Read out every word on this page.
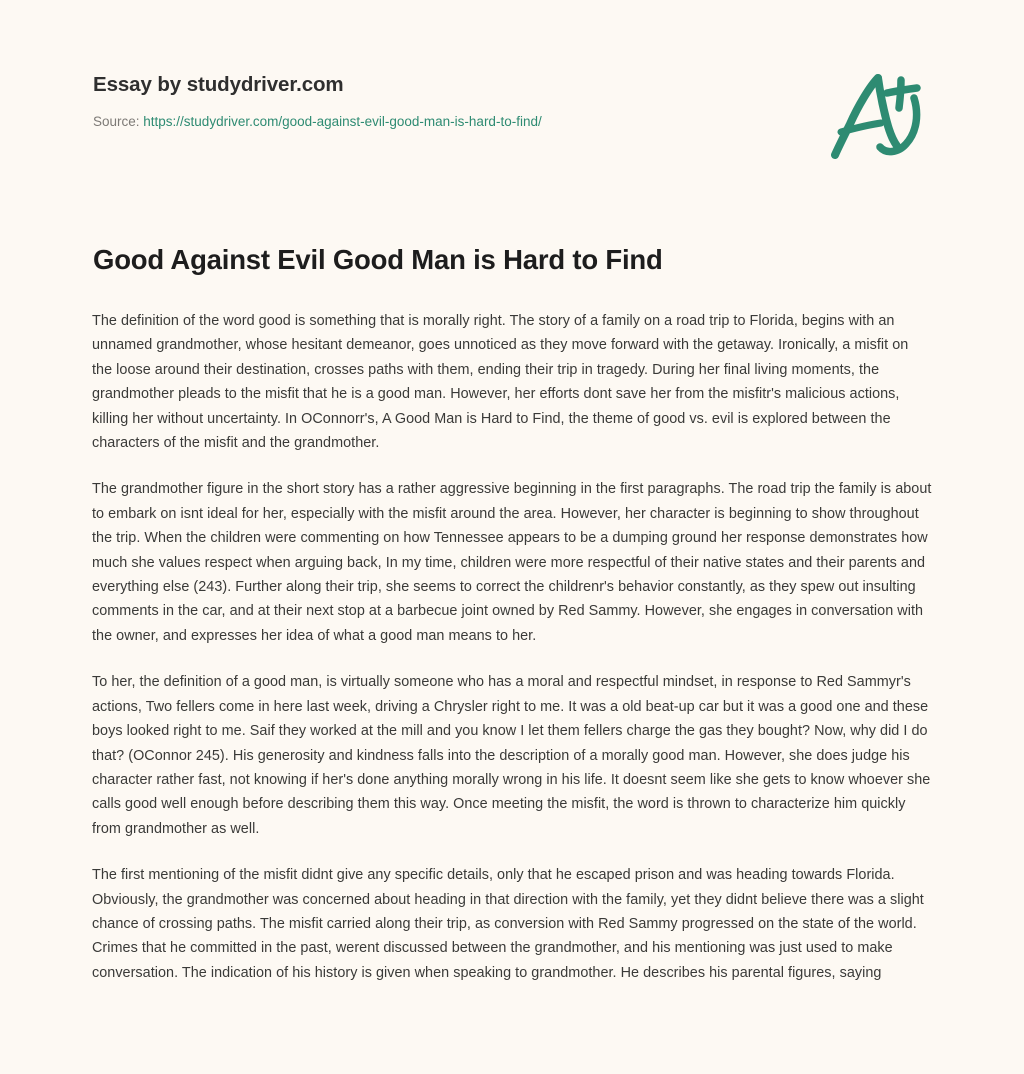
Essay by studydriver.com
Source: https://studydriver.com/good-against-evil-good-man-is-hard-to-find/
Good Against Evil Good Man is Hard to Find

The definition of the word good is something that is morally right. The story of a family on a road trip to Florida, begins with an unnamed grandmother, whose hesitant demeanor, goes unnoticed as they move forward with the getaway. Ironically, a misfit on the loose around their destination, crosses paths with them, ending their trip in tragedy. During her final living moments, the grandmother pleads to the misfit that he is a good man. However, her efforts dont save her from the misfitr's malicious actions, killing her without uncertainty. In OConnorr's, A Good Man is Hard to Find, the theme of good vs. evil is explored between the characters of the misfit and the grandmother.

The grandmother figure in the short story has a rather aggressive beginning in the first paragraphs. The road trip the family is about to embark on isnt ideal for her, especially with the misfit around the area. However, her character is beginning to show throughout the trip. When the children were commenting on how Tennessee appears to be a dumping ground her response demonstrates how much she values respect when arguing back, In my time, children were more respectful of their native states and their parents and everything else (243). Further along their trip, she seems to correct the childrenr's behavior constantly, as they spew out insulting comments in the car, and at their next stop at a barbecue joint owned by Red Sammy. However, she engages in conversation with the owner, and expresses her idea of what a good man means to her.

To her, the definition of a good man, is virtually someone who has a moral and respectful mindset, in response to Red Sammyr's actions, Two fellers come in here last week, driving a Chrysler right to me. It was a old beat-up car but it was a good one and these boys looked right to me. Saif they worked at the mill and you know I let them fellers charge the gas they bought? Now, why did I do that? (OConnor 245). His generosity and kindness falls into the description of a morally good man. However, she does judge his character rather fast, not knowing if her's done anything morally wrong in his life. It doesnt seem like she gets to know whoever she calls good well enough before describing them this way. Once meeting the misfit, the word is thrown to characterize him quickly from grandmother as well.

The first mentioning of the misfit didnt give any specific details, only that he escaped prison and was heading towards Florida. Obviously, the grandmother was concerned about heading in that direction with the family, yet they didnt believe there was a slight chance of crossing paths. The misfit carried along their trip, as conversion with Red Sammy progressed on the state of the world. Crimes that he committed in the past, werent discussed between the grandmother, and his mentioning was just used to make conversation. The indication of his history is given when speaking to grandmother. He describes his parental figures, saying
